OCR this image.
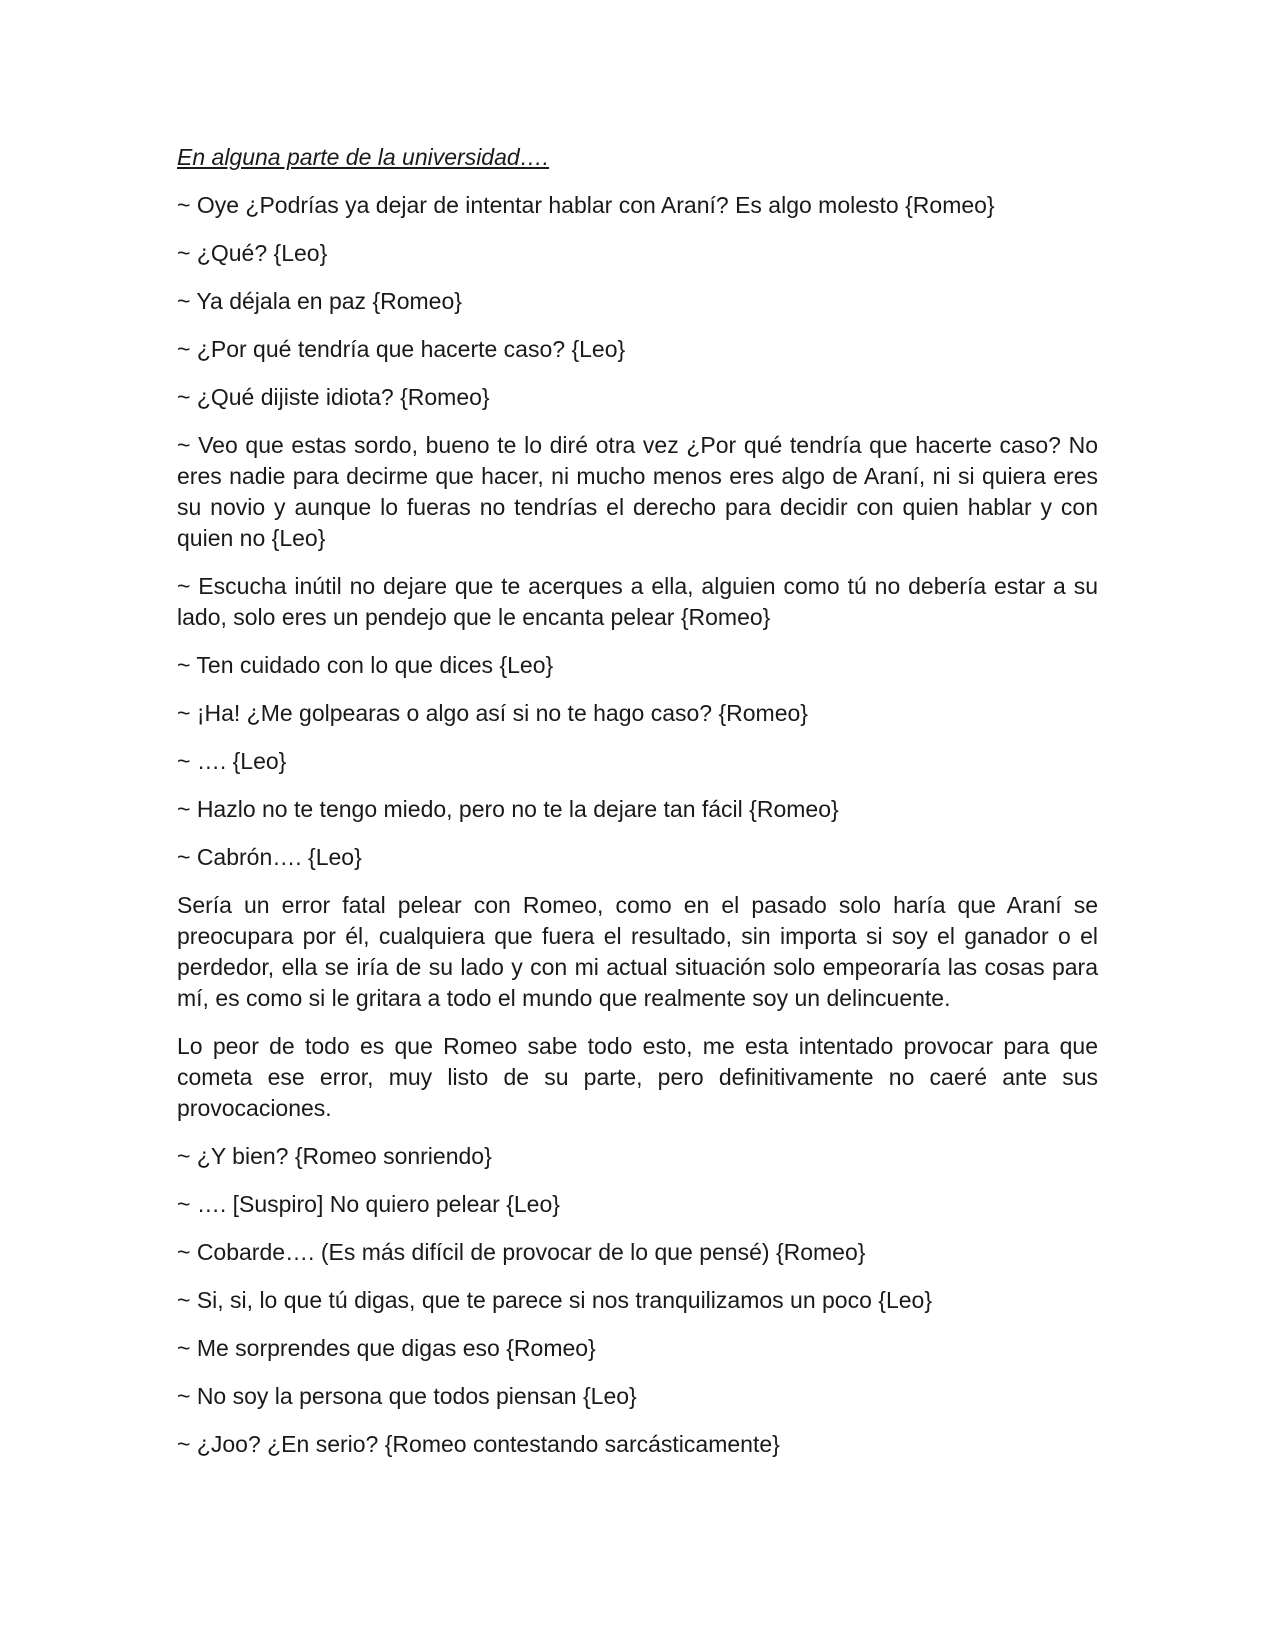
En alguna parte de la universidad….

~ Oye ¿Podrías ya dejar de intentar hablar con Araní? Es algo molesto {Romeo}

~ ¿Qué? {Leo}

~ Ya déjala en paz {Romeo}

~ ¿Por qué tendría que hacerte caso? {Leo}

~ ¿Qué dijiste idiota? {Romeo}

~ Veo que estas sordo, bueno te lo diré otra vez ¿Por qué tendría que hacerte caso? No eres nadie para decirme que hacer, ni mucho menos eres algo de Araní, ni si quiera eres su novio y aunque lo fueras no tendrías el derecho para decidir con quien hablar y con quien no {Leo}

~ Escucha inútil no dejare que te acerques a ella, alguien como tú no debería estar a su lado, solo eres un pendejo que le encanta pelear {Romeo}

~ Ten cuidado con lo que dices {Leo}

~ ¡Ha! ¿Me golpearas o algo así si no te hago caso? {Romeo}

~ …. {Leo}

~ Hazlo no te tengo miedo, pero no te la dejare tan fácil {Romeo}

~ Cabrón…. {Leo}

Sería un error fatal pelear con Romeo, como en el pasado solo haría que Araní se preocupara por él, cualquiera que fuera el resultado, sin importa si soy el ganador o el perdedor, ella se iría de su lado y con mi actual situación solo empeoraría las cosas para mí, es como si le gritara a todo el mundo que realmente soy un delincuente.

Lo peor de todo es que Romeo sabe todo esto, me esta intentado provocar para que cometa ese error, muy listo de su parte, pero definitivamente no caeré ante sus provocaciones.

~ ¿Y bien? {Romeo sonriendo}

~ …. [Suspiro] No quiero pelear {Leo}

~ Cobarde…. (Es más difícil de provocar de lo que pensé) {Romeo}

~ Si, si, lo que tú digas, que te parece si nos tranquilizamos un poco {Leo}

~ Me sorprendes que digas eso {Romeo}

~ No soy la persona que todos piensan {Leo}

~ ¿Joo? ¿En serio? {Romeo contestando sarcásticamente}
